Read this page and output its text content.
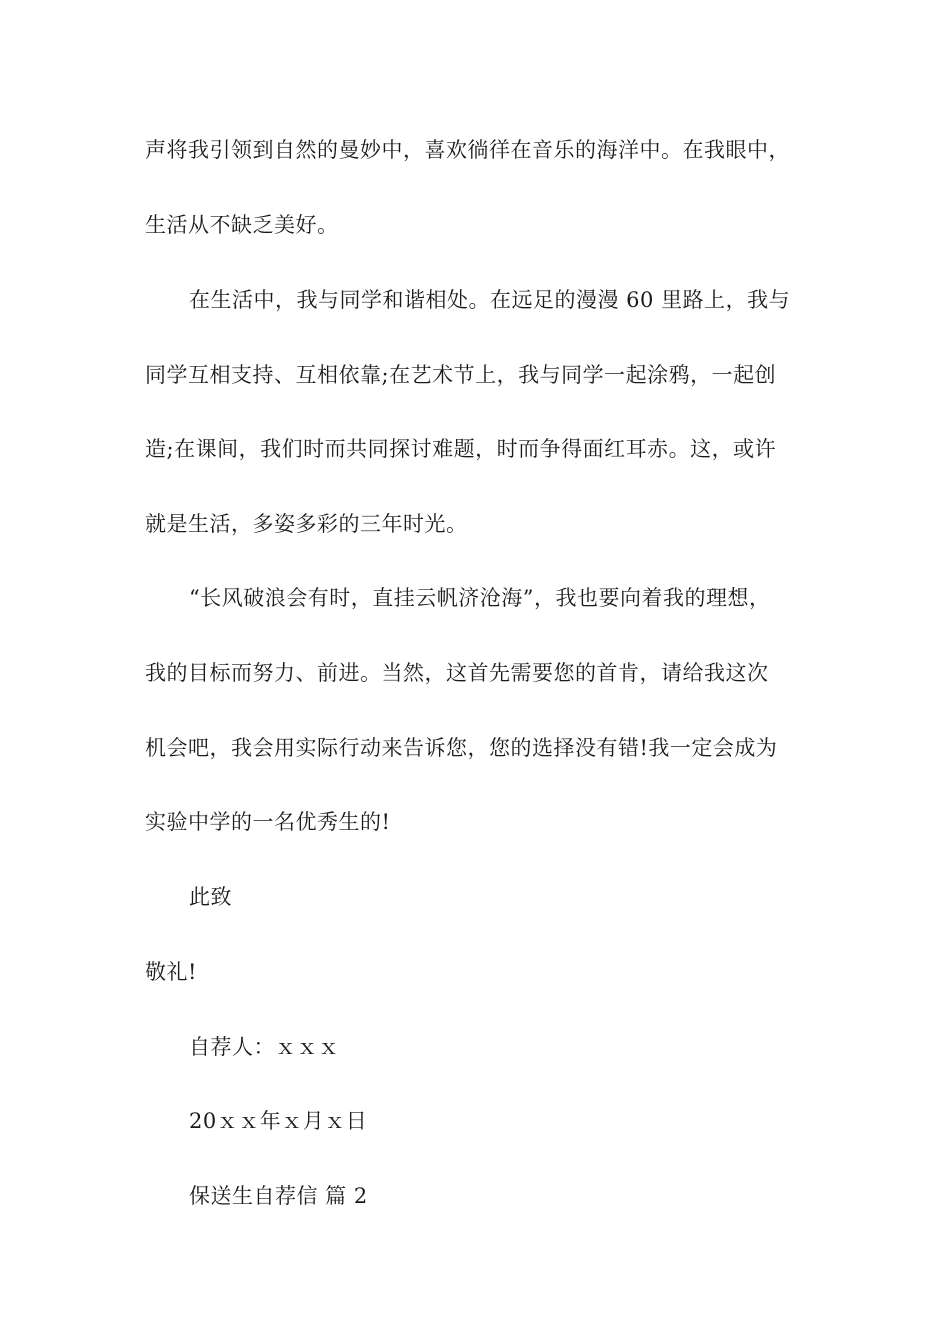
声将我引领到自然的曼妙中，喜欢徜徉在音乐的海洋中。在我眼中，
生活从不缺乏美好。
在生活中，我与同学和谐相处。在远足的漫漫 60 里路上，我与
同学互相支持、互相依靠;在艺术节上，我与同学一起涂鸦，一起创
造;在课间，我们时而共同探讨难题，时而争得面红耳赤。这，或许
就是生活，多姿多彩的三年时光。
“长风破浪会有时，直挂云帆济沧海”，我也要向着我的理想，
我的目标而努力、前进。当然，这首先需要您的首肯，请给我这次
机会吧，我会用实际行动来告诉您，您的选择没有错!我一定会成为
实验中学的一名优秀生的!
此致
敬礼!
自荐人：ｘｘｘ
20ｘｘ年ｘ月ｘ日
保送生自荐信 篇 2
